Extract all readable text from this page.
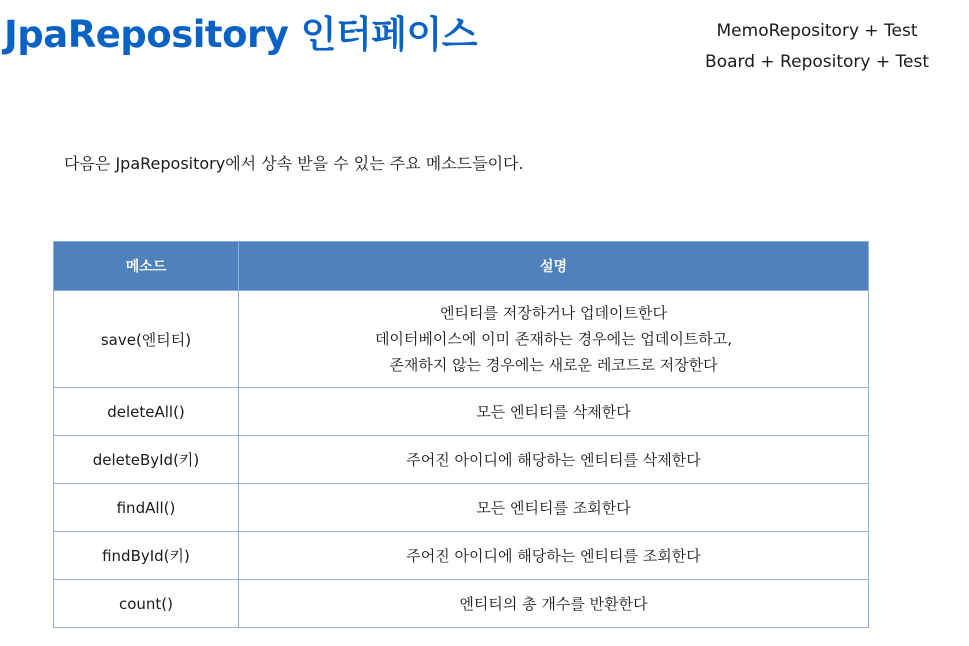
JpaRepository 인터페이스	MemoRepository + Test
Board + Repository + Test
다음은 JpaRepository에서 상속 받을 수 있는 주요 메소드들이다.
메소드	설명
save(엔티티)	엔티티를 저장하거나 업데이트한다
데이터베이스에 이미 존재하는 경우에는 업데이트하고,
존재하지 않는 경우에는 새로운 레코드로 저장한다

deleteAll()	모든 엔티티를 삭제한다
deleteById(키)	주어진 아이디에 해당하는 엔티티를 삭제한다
findAll()	모든 엔티티를 조회한다
findById(키)	주어진 아이디에 해당하는 엔티티를 조회한다
count()	엔티티의 총 개수를 반환한다
